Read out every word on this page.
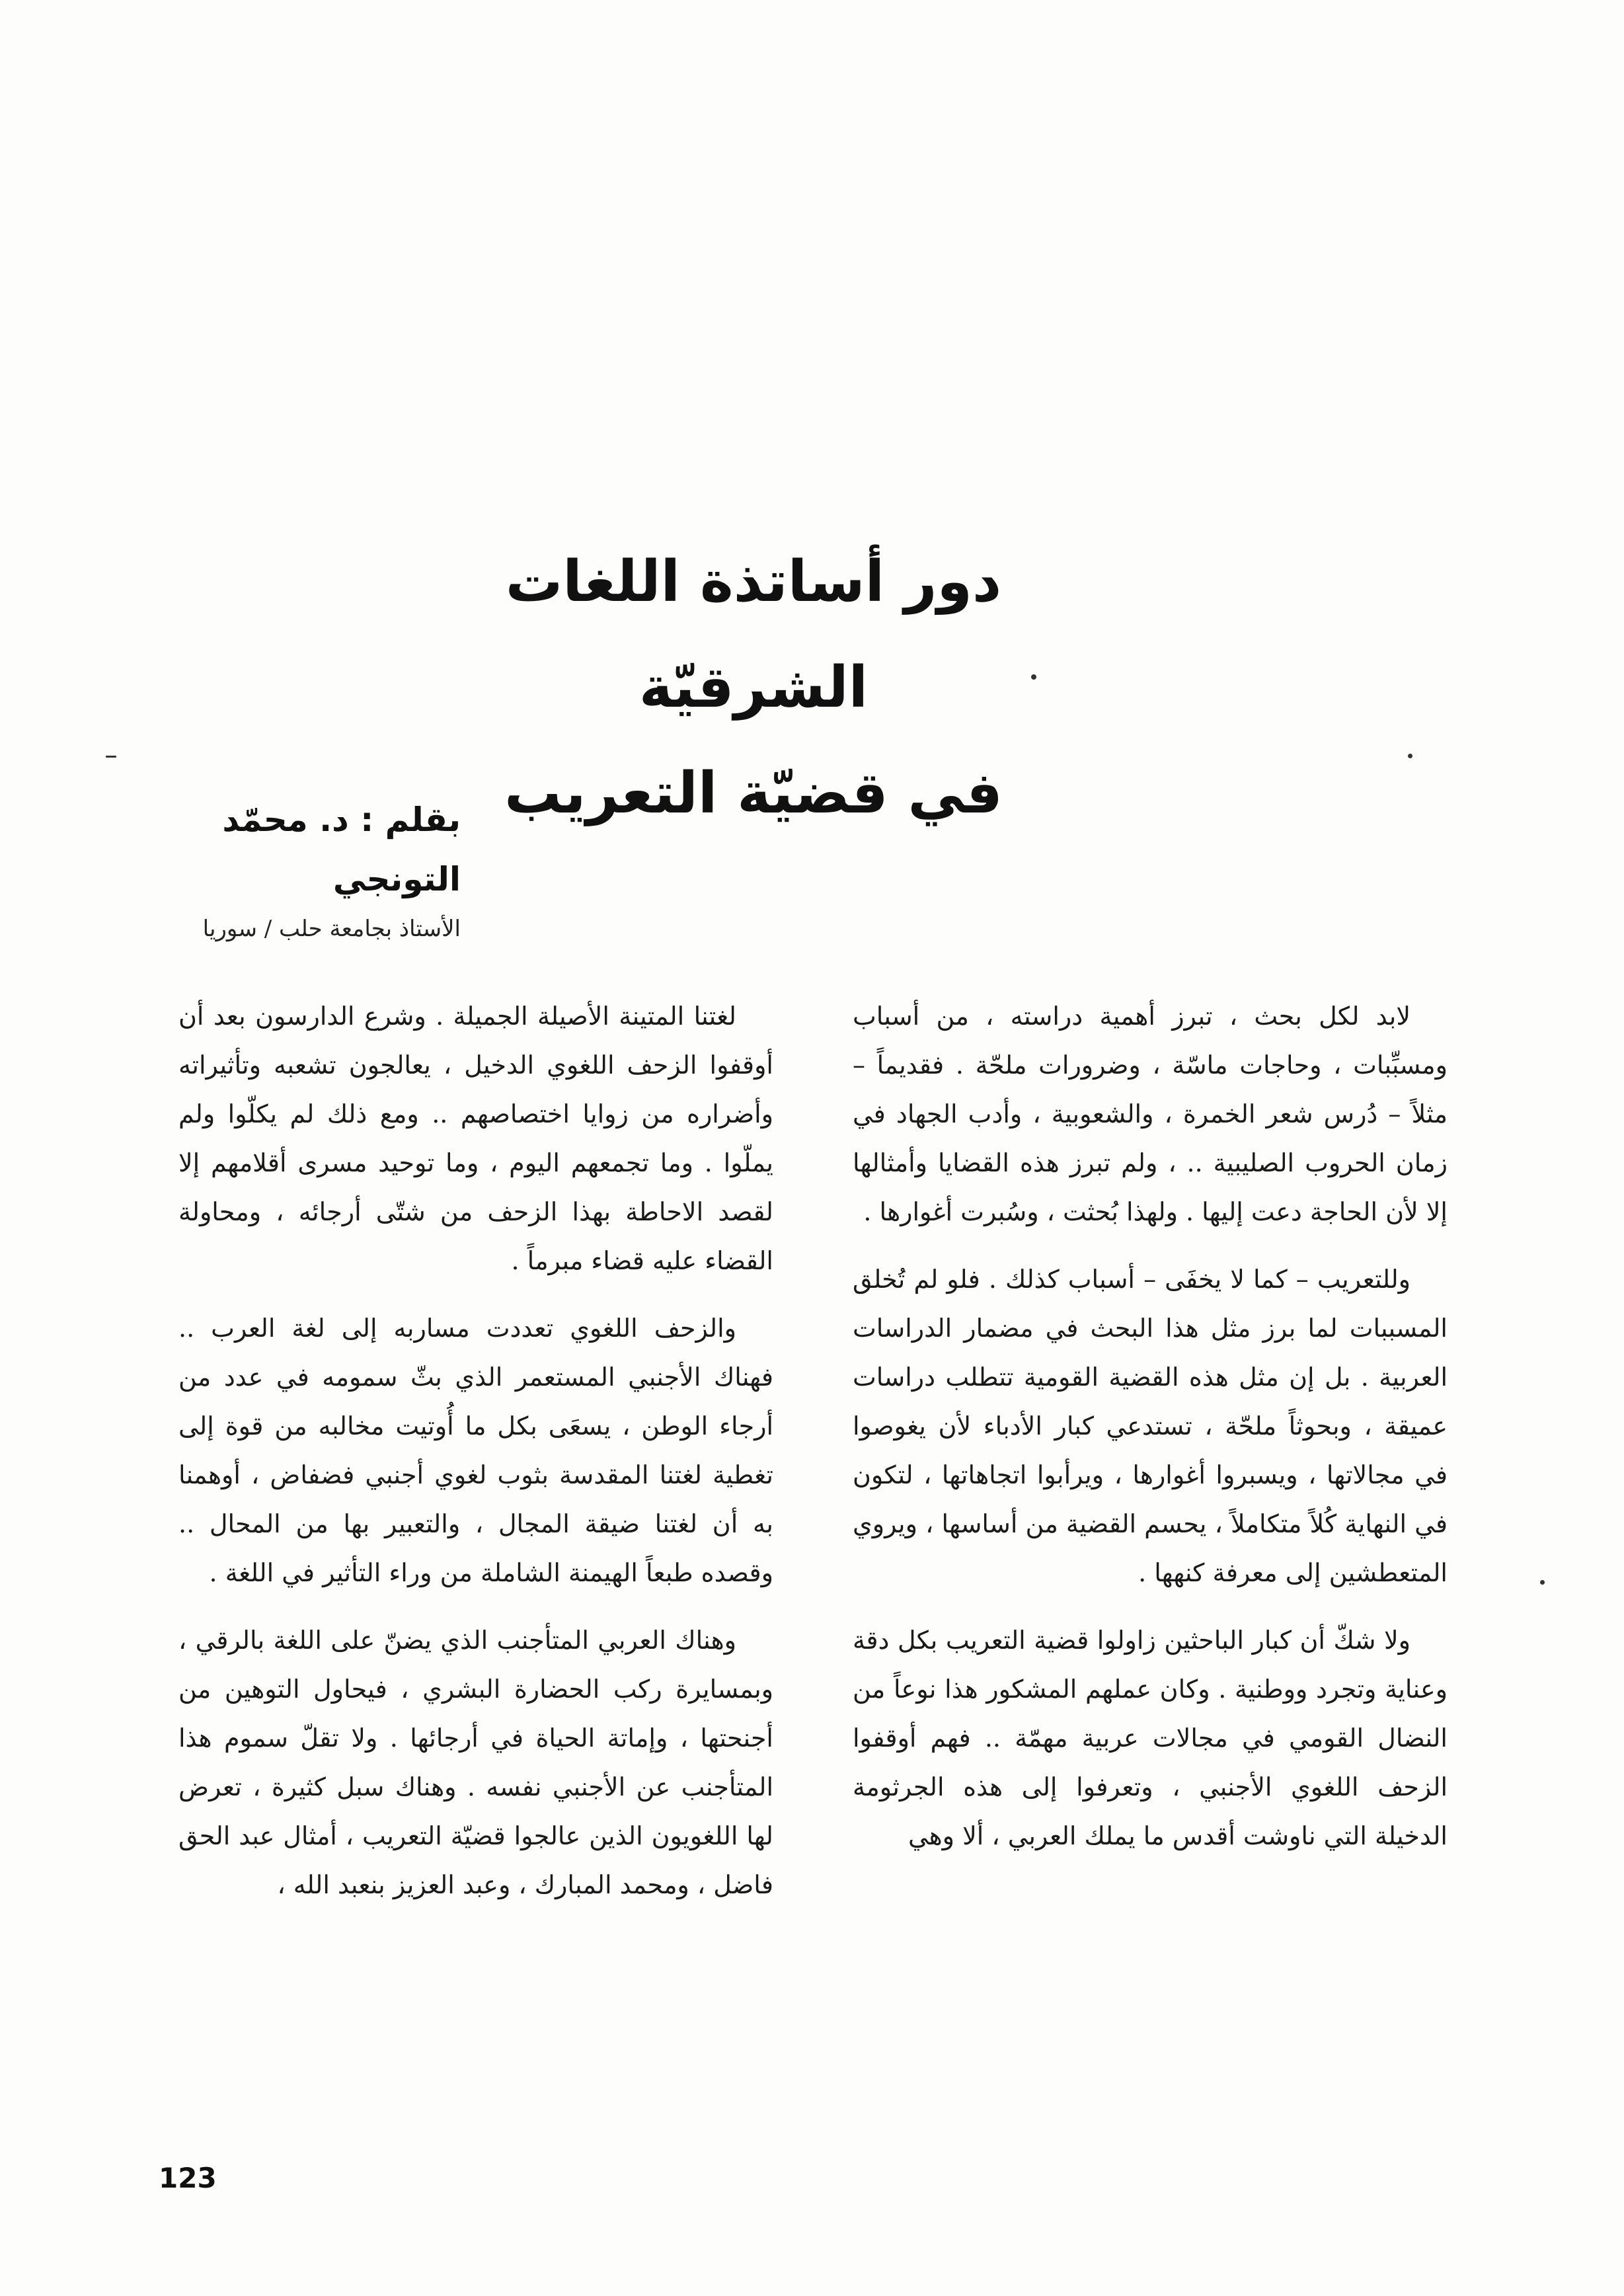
دور أساتذة اللغات الشرقيّة
في قضيّة التعريب
بقلم : د. محمّد التونجي
الأستاذ بجامعة حلب / سوريا

لابد لكل بحث ، تبرز أهمية دراسته ، من أسباب ومسبِّبات ، وحاجات ماسّة ، وضرورات ملحّة . فقديماً – مثلاً – دُرس شعر الخمرة ، والشعوبية ، وأدب الجهاد في زمان الحروب الصليبية .. ، ولم تبرز هذه القضايا وأمثالها إلا لأن الحاجة دعت إليها . ولهذا بُحثت ، وسُبرت أغوارها .

وللتعريب – كما لا يخفَى – أسباب كذلك . فلو لم تُخلق المسببات لما برز مثل هذا البحث في مضمار الدراسات العربية . بل إن مثل هذه القضية القومية تتطلب دراسات عميقة ، وبحوثاً ملحّة ، تستدعي كبار الأدباء لأن يغوصوا في مجالاتها ، ويسبروا أغوارها ، ويرأبوا اتجاهاتها ، لتكون في النهاية كُلاً متكاملاً ، يحسم القضية من أساسها ، ويروي المتعطشين إلى معرفة كنهها .

ولا شكّ أن كبار الباحثين زاولوا قضية التعريب بكل دقة وعناية وتجرد ووطنية . وكان عملهم المشكور هذا نوعاً من النضال القومي في مجالات عربية مهمّة .. فهم أوقفوا الزحف اللغوي الأجنبي ، وتعرفوا إلى هذه الجرثومة الدخيلة التي ناوشت أقدس ما يملك العربي ، ألا وهي

لغتنا المتينة الأصيلة الجميلة . وشرع الدارسون بعد أن أوقفوا الزحف اللغوي الدخيل ، يعالجون تشعبه وتأثيراته وأضراره من زوايا اختصاصهم .. ومع ذلك لم يكلّوا ولم يملّوا . وما تجمعهم اليوم ، وما توحيد مسرى أقلامهم إلا لقصد الاحاطة بهذا الزحف من شتّى أرجائه ، ومحاولة القضاء عليه قضاء مبرماً .

والزحف اللغوي تعددت مساربه إلى لغة العرب .. فهناك الأجنبي المستعمر الذي بثّ سمومه في عدد من أرجاء الوطن ، يسعَى بكل ما أُوتيت مخالبه من قوة إلى تغطية لغتنا المقدسة بثوب لغوي أجنبي فضفاض ، أوهمنا به أن لغتنا ضيقة المجال ، والتعبير بها من المحال .. وقصده طبعاً الهيمنة الشاملة من وراء التأثير في اللغة .

وهناك العربي المتأجنب الذي يضنّ على اللغة بالرقي ، وبمسايرة ركب الحضارة البشري ، فيحاول التوهين من أجنحتها ، وإماتة الحياة في أرجائها . ولا تقلّ سموم هذا المتأجنب عن الأجنبي نفسه . وهناك سبل كثيرة ، تعرض لها اللغويون الذين عالجوا قضيّة التعريب ، أمثال عبد الحق فاضل ، ومحمد المبارك ، وعبد العزيز بنعبد الله ،

123
